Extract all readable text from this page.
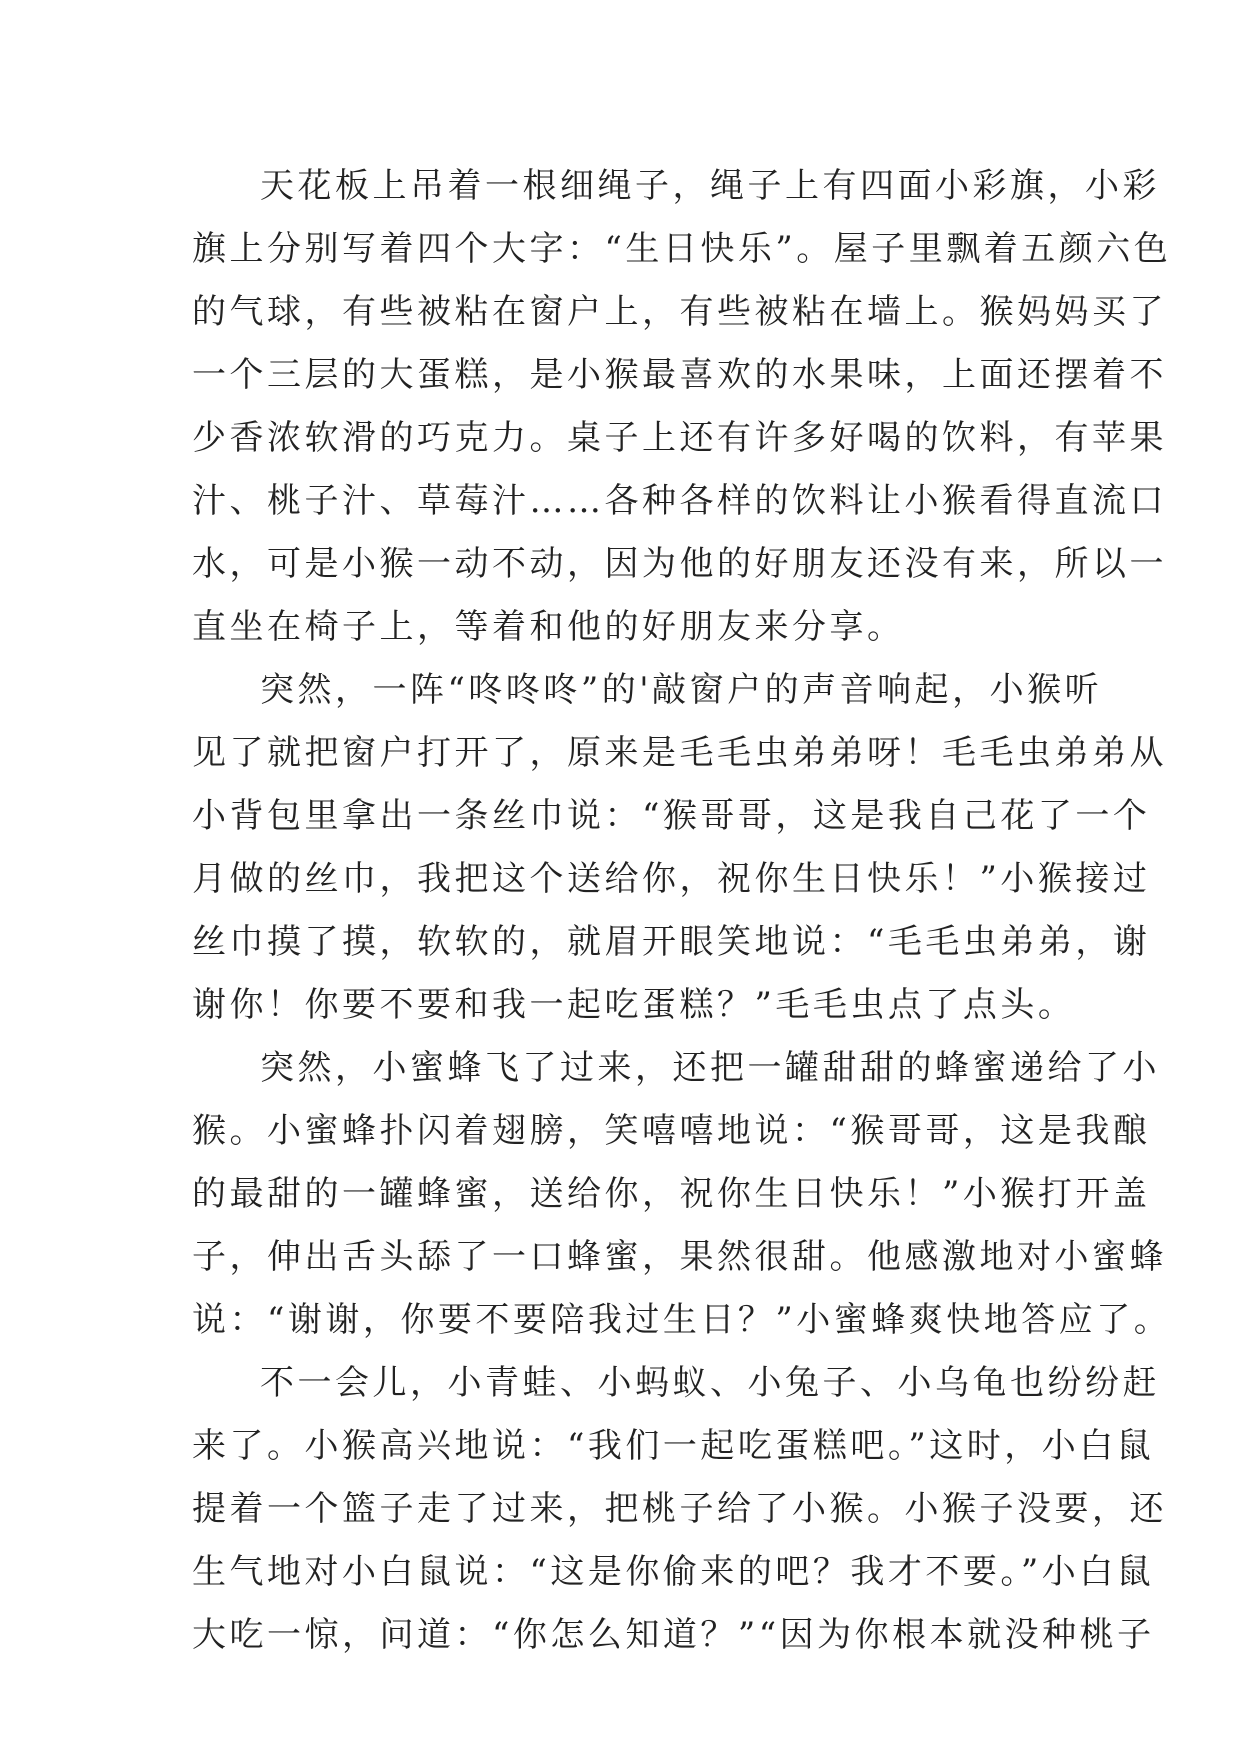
天花板上吊着一根细绳子，绳子上有四面小彩旗，小彩
旗上分别写着四个大字：“生日快乐”。屋子里飘着五颜六色
的气球，有些被粘在窗户上，有些被粘在墙上。猴妈妈买了
一个三层的大蛋糕，是小猴最喜欢的水果味，上面还摆着不
少香浓软滑的巧克力。桌子上还有许多好喝的饮料，有苹果
汁、桃子汁、草莓汁……各种各样的饮料让小猴看得直流口
水，可是小猴一动不动，因为他的好朋友还没有来，所以一
直坐在椅子上，等着和他的好朋友来分享。
突然，一阵“咚咚咚”的'敲窗户的声音响起，小猴听
见了就把窗户打开了，原来是毛毛虫弟弟呀！毛毛虫弟弟从
小背包里拿出一条丝巾说：“猴哥哥，这是我自己花了一个
月做的丝巾，我把这个送给你，祝你生日快乐！”小猴接过
丝巾摸了摸，软软的，就眉开眼笑地说：“毛毛虫弟弟，谢
谢你！你要不要和我一起吃蛋糕？”毛毛虫点了点头。
突然，小蜜蜂飞了过来，还把一罐甜甜的蜂蜜递给了小
猴。小蜜蜂扑闪着翅膀，笑嘻嘻地说：“猴哥哥，这是我酿
的最甜的一罐蜂蜜，送给你，祝你生日快乐！”小猴打开盖
子，伸出舌头舔了一口蜂蜜，果然很甜。他感激地对小蜜蜂
说：“谢谢，你要不要陪我过生日？”小蜜蜂爽快地答应了。
不一会儿，小青蛙、小蚂蚁、小兔子、小乌龟也纷纷赶
来了。小猴高兴地说：“我们一起吃蛋糕吧。”这时，小白鼠
提着一个篮子走了过来，把桃子给了小猴。小猴子没要，还
生气地对小白鼠说：“这是你偷来的吧？我才不要。”小白鼠
大吃一惊，问道：“你怎么知道？”“因为你根本就没种桃子
